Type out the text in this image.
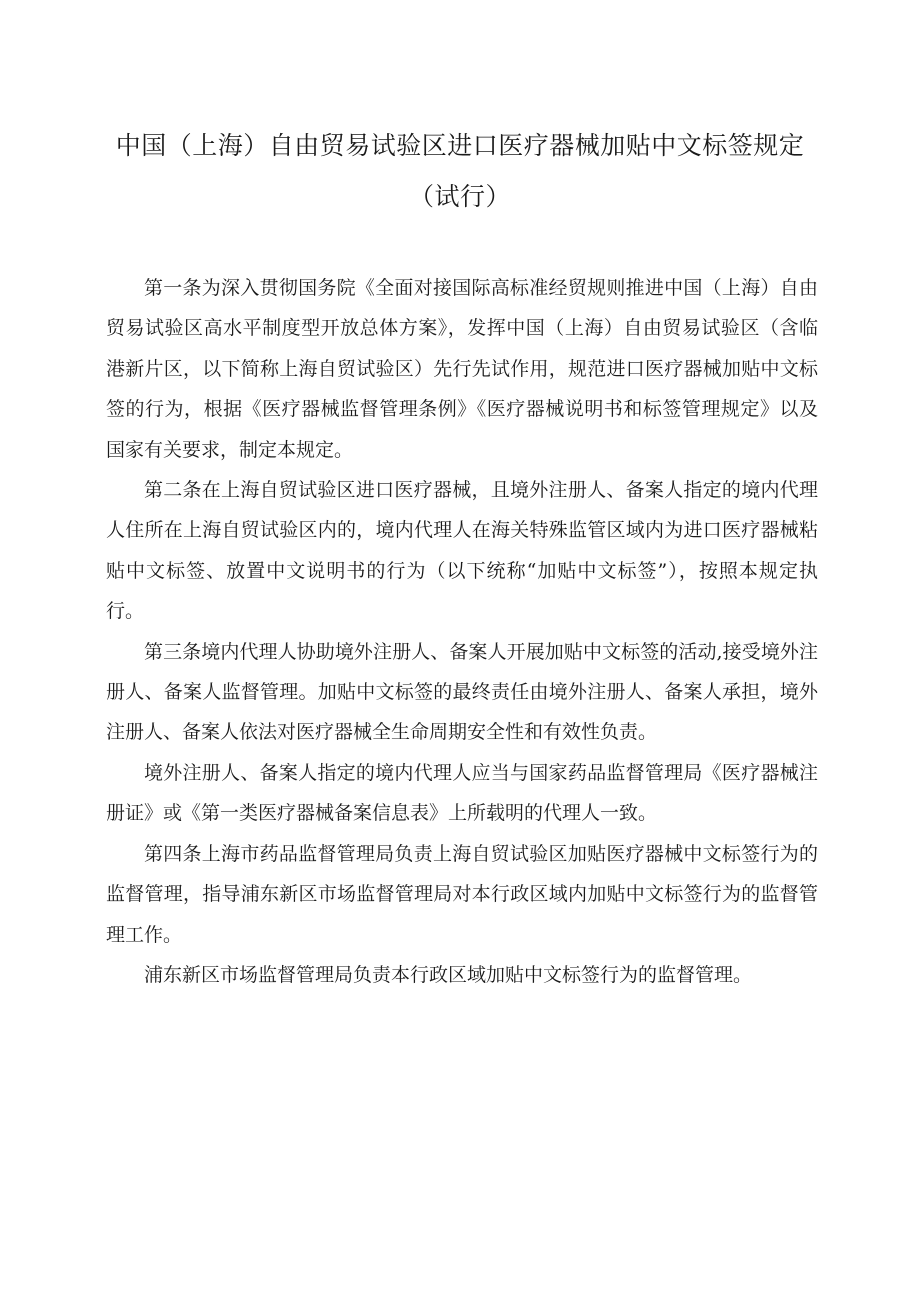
中国（上海）自由贸易试验区进口医疗器械加贴中文标签规定
（试行）

第一条为深入贯彻国务院《全面对接国际高标准经贸规则推进中国（上海）自由贸易试验区高水平制度型开放总体方案》，发挥中国（上海）自由贸易试验区（含临港新片区，以下简称上海自贸试验区）先行先试作用，规范进口医疗器械加贴中文标签的行为，根据《医疗器械监督管理条例》《医疗器械说明书和标签管理规定》以及国家有关要求，制定本规定。

第二条在上海自贸试验区进口医疗器械，且境外注册人、备案人指定的境内代理人住所在上海自贸试验区内的，境内代理人在海关特殊监管区域内为进口医疗器械粘贴中文标签、放置中文说明书的行为（以下统称“加贴中文标签”），按照本规定执行。

第三条境内代理人协助境外注册人、备案人开展加贴中文标签的活动,接受境外注册人、备案人监督管理。加贴中文标签的最终责任由境外注册人、备案人承担，境外注册人、备案人依法对医疗器械全生命周期安全性和有效性负责。

境外注册人、备案人指定的境内代理人应当与国家药品监督管理局《医疗器械注册证》或《第一类医疗器械备案信息表》上所载明的代理人一致。

第四条上海市药品监督管理局负责上海自贸试验区加贴医疗器械中文标签行为的监督管理，指导浦东新区市场监督管理局对本行政区域内加贴中文标签行为的监督管理工作。

浦东新区市场监督管理局负责本行政区域加贴中文标签行为的监督管理。
